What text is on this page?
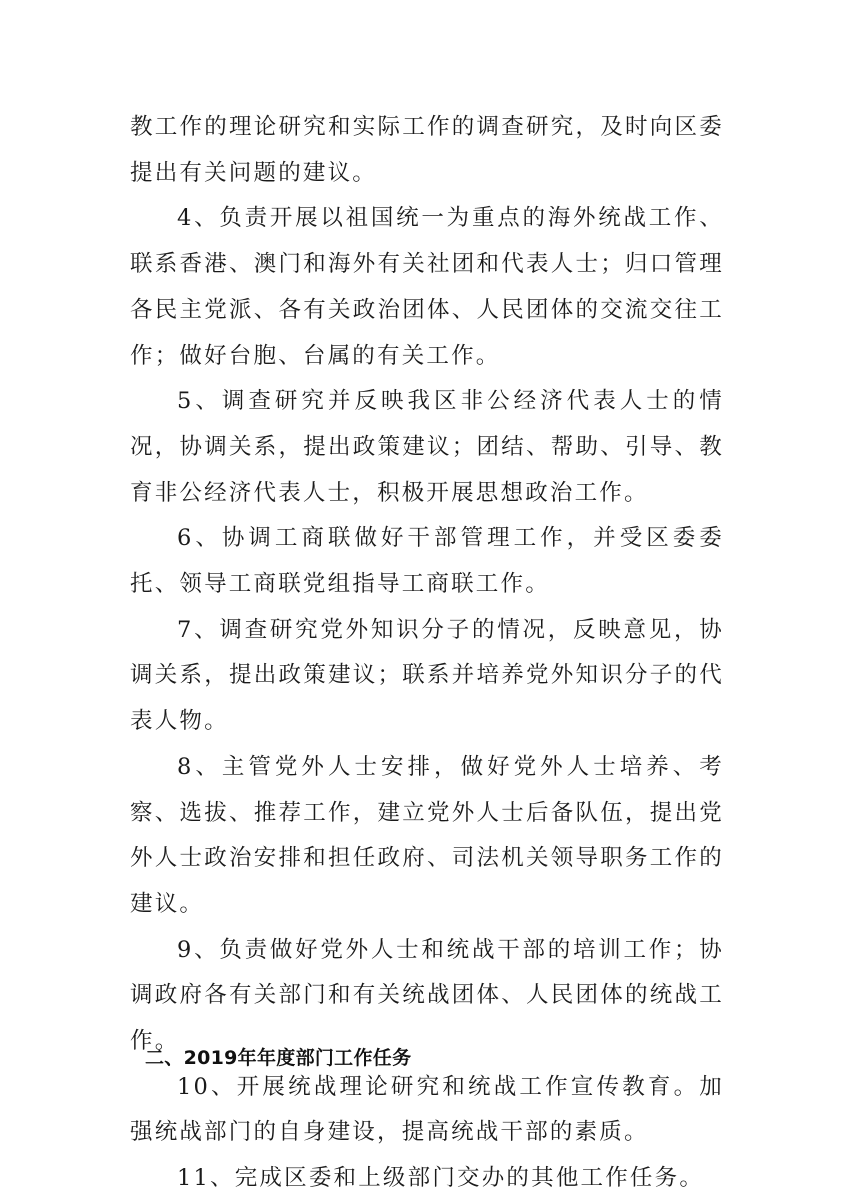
教工作的理论研究和实际工作的调查研究，及时向区委提出有关问题的建议。

4、负责开展以祖国统一为重点的海外统战工作、联系香港、澳门和海外有关社团和代表人士；归口管理各民主党派、各有关政治团体、人民团体的交流交往工作；做好台胞、台属的有关工作。

5、调查研究并反映我区非公经济代表人士的情况，协调关系，提出政策建议；团结、帮助、引导、教育非公经济代表人士，积极开展思想政治工作。

6、协调工商联做好干部管理工作，并受区委委托、领导工商联党组指导工商联工作。

7、调查研究党外知识分子的情况，反映意见，协调关系，提出政策建议；联系并培养党外知识分子的代表人物。

8、主管党外人士安排，做好党外人士培养、考察、选拔、推荐工作，建立党外人士后备队伍，提出党外人士政治安排和担任政府、司法机关领导职务工作的建议。

9、负责做好党外人士和统战干部的培训工作；协调政府各有关部门和有关统战团体、人民团体的统战工作。

10、开展统战理论研究和统战工作宣传教育。加强统战部门的自身建设，提高统战干部的素质。

11、完成区委和上级部门交办的其他工作任务。

二、2019年年度部门工作任务
